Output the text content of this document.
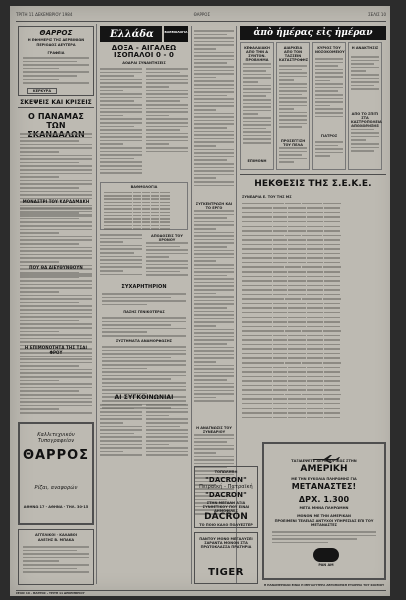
ΤΡΙΤΗ 11 ΔΕΚΕΜΒΡΙΟΥ 1984	ΘΑΡΡΟΣ	ΣΕΛΙΣ 10
ΘΑΡΡΟΣ
Η ΕΦΗΜΕΡΙΣ ΤΗΣ ΔΕΡΒΙΝΙΩΝ
ΠΕΡΙΟΔΟΣ ΔΕΥΤΕΡΑ
ΓΡΑΦΕΙΑ
ΚΕΡΚΥΡΑ
ΣΚΕΨΕΙΣ ΚΑΙ ΚΡΙΣΕΙΣ
Ο ΠΑΝΑΜΑΣ ΤΩΝ
ΜΟΝΑΣΤΡΙ ΤΟΥ ΚΑΡΔΑΜΑΚΗ
ΠΟΥ ΘΑ ΔΙΕΥΘΥΝΘΟΥΝ
Η ΕΠΙΜΟΝΟΤΗΤΑ ΤΗΣ ΤΣΑΙ ΦΡΟΥ
Καλλιτεχνικόν Τυπογραφείον
ΘΑΡΡΟΣ
Ρίζαι, αναφορών
ΑΘΗΝΩ 17 - ΑΘΗΝΑ - ΤΗΛ. 30-15
ΑΓΓΕΛΙΚΟΙ · ΚΑΛΑΒΟΙ
ΑΛΕΞΗΣ Β. ΜΠΑΚΑ
Ελλάδα	ΒΑΘΜΟΛΟΓΙΑ
ΔΟΞΑ - ΑΙΓΑΛΕΩ ΙΣΟΠΑΛΟΙ 0 - 0
ΑΟΔΡΑΙ ΣΥΝΑΝΤΗΣΕΙΣ
ΒΑΘΜΟΛΟΓΙΑ
ΑΠΟΔΟΣΕΙΣ ΤΟΥ ΧΡΟΝΟΥ
ΣΥΧΑΡΗΤΗΡΙΟΝ
ΠΑΣΗΣ ΓΕΝΙΚΟΤΕΡΑΣ
ΣΥΣΤΗΜΑΤΑ ΑΝΑΜΟΡΦΩΣΗΣ
ΑΙ ΣΥΓΚΟΙΝΩΝΙΑΙ
ΣΥΓΚΕΝΤΡΩΣΗ ΚΑΙ ΤΟ ΕΡΓΟ
Η ΑΝΑΓΝΩΣΙΣ ΤΟΥ ΣΥΝΕΔΡΙΟΥ
ἀπὸ ἡμέρας εἰς ἡμέραν
ΚΕΦΑΛΑΙΑΚΗ ΑΠΟ ΤΗΝ Δ ΣΥΝΤΟΝ. ΠΡΟΒΛΗΜΑ
ΕΠΙΜΟΝΗ
ΔΙΑΡΚΕΙΑ ΑΠΟ ΤΟΝ ΤΑΣΣΕΙΝ ΚΑΤΑΣΤΡΟΦΗΣ
ΠΡΟΣΕΓΓΙΣΗ ΤΟΥ ΠΕΛΑ
ΚΥΡΙΟΣ ΤΟΥ ΝΟΣΟΚΟΜΕΙΟΥ
ΓΙΑΤΡΟΣ
Η ΑΝΑΚΤΗΣΙΣ
ΑΠΟ ΤΟ ΣΠΙΤΙ ΣΤΑ ΚΑΣΤΡΟΠΟΛΕΙΑ
ΗΕΚΘΕΣΙΣ ΤΗΣ Σ.Ε.Κ.Ε.
ΣΥΝΕΔΡΙΑ Ε. ΤΟΥ ΤΗΣ ΜΣ
ΤΟΠΩΛΗΘΗ
"DACRON"
Πειραϊκή - Πατραϊκή
"DACRON"
ΣΤΗΝ ΜΕΓΑΛΗ ΑΞΙΑ ΣΥΝΘΕΤΙΚΟΥ ΠΟΥ ΕΙΝΑΙ ΔΗΜΟΦΙΛΕΣ
DACRON
ΤΟ ΠΟΙΟ ΚΑΛΟ ΠΟΛΥΕΣΤΕΡ
ΠΑΝΤΟΥ ΜΟΝΟ ΜΕΓΑΛΥΣΕΙ ΣΑΡΑΝΤΑ ΜΟΝΟΝ ΣΤΑ ΠΡΩΤΟΚΛΑΣΣΑ ΠΡΑΤΗΡΙΑ
TIGER
ΤΑΞΙΔΕΨΕΤΕ ΑΕΡΟΠΟΡΙΚΩΣ ΣΤΗΝ
ΑΜΕΡΙΚΗ
ΜΕ ΤΗΝ ΕΥΚΟΛΙΑ ΠΛΗΡΩΜΗΣ ΓΙΑ
ΜΕΤΑΝΑΣΤΕΣ!
ΔΡΧ. 1.300
ΜΕΤΑ ΜΗΝΑ ΠΛΗΡΩΜΗΝ
ΜΟΝΟΝ ΜΕ ΤΗΝ ΑΜΕΡΙΚΑΝ
ΠΡΟΕΙΜΕΝΙ ΤΕΛΕΙΑΣ ΑΝΤΥΧΟΙ ΥΠΗΡΕΣΙΑΣ ΕΠΙ ΤΟΥ ΜΕΤΑΝΑΣΤΕΣ
PAN AM
Η ΠΑΝΑΜΕΡΙΚΑΝ ΕΙΝΑΙ Η ΜΕΓΑΛΥΤΕΡΑ ΑΕΡΟΠΟΡΙΚΗ ΕΤΑΙΡΕΙΑ ΤΟΥ ΚΟΣΜΟΥ
ΣΕΛΙΣ 10 - ΘΑΡΡΟΣ - ΤΡΙΤΗ 11 ΔΕΚΕΜΒΡΙΟΥ
